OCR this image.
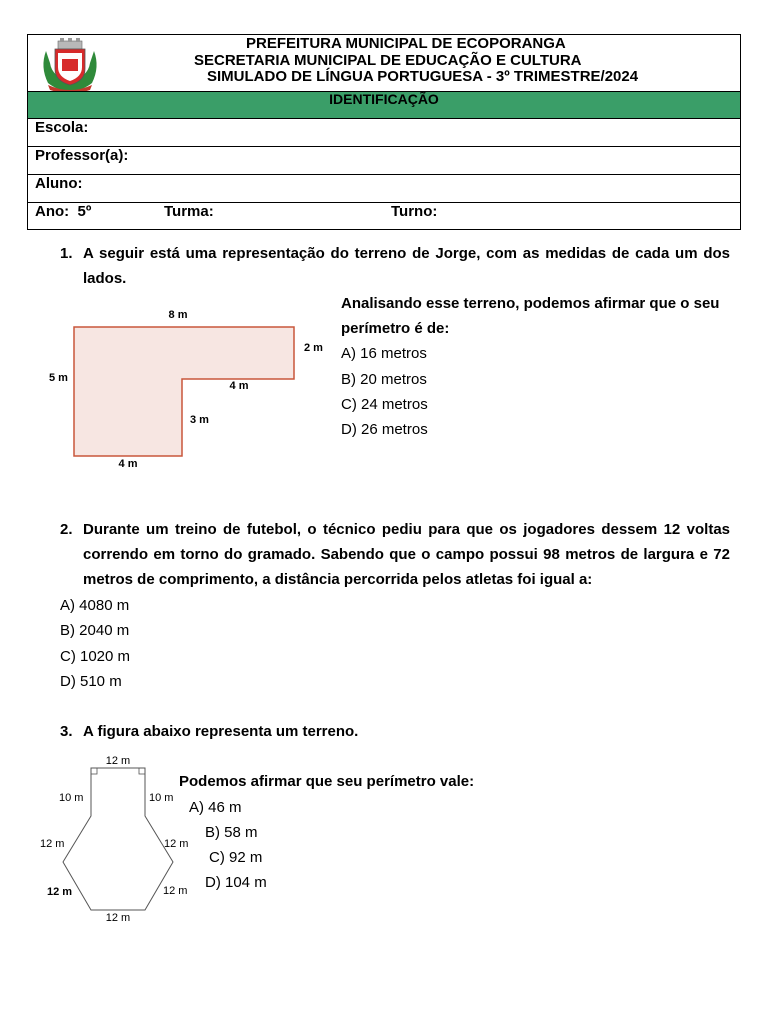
PREFEITURA MUNICIPAL DE ECOPORANGA
SECRETARIA MUNICIPAL DE EDUCAÇÃO E CULTURA
SIMULADO DE LÍNGUA PORTUGUESA - 3º TRIMESTRE/2024
IDENTIFICAÇÃO
Escola:
Professor(a):
Aluno:
Ano:  5º	Turma:	Turno:
1. A seguir está uma representação do terreno de Jorge, com as medidas de cada um dos lados.
8 m
2 m
5 m
4 m
3 m
4 m
Analisando esse terreno, podemos afirmar que o seu perímetro é de:
A) 16 metros
B) 20 metros
C) 24 metros
D) 26 metros
2. Durante um treino de futebol, o técnico pediu para que os jogadores dessem 12 voltas correndo em torno do gramado. Sabendo que o campo possui 98 metros de largura e 72 metros de comprimento, a distância percorrida pelos atletas foi igual a:
A) 4080 m
B) 2040 m
C) 1020 m
D) 510 m
3. A figura abaixo representa um terreno.
12 m
10 m	10 m
12 m	12 m
12 m	12 m
12 m
Podemos afirmar que seu perímetro vale:
A) 46 m
B) 58 m
C) 92 m
D) 104 m
